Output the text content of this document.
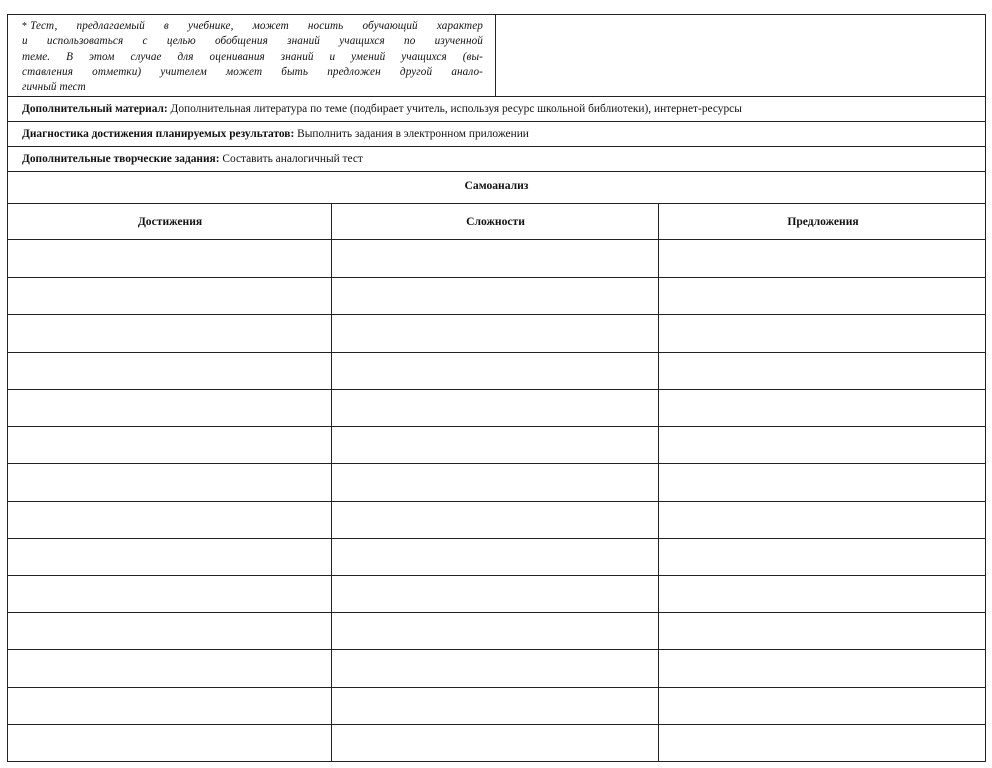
* Тест, предлагаемый в учебнике, может носить обучающий характер
и использоваться с целью обобщения знаний учащихся по изученной
теме. В этом случае для оценивания знаний и умений учащихся (вы-
ставления отметки) учителем может быть предложен другой анало-
гичный тест
Дополнительный материал: Дополнительная литература по теме (подбирает учитель, используя ресурс школьной библиотеки), интернет-ресурсы
Диагностика достижения планируемых результатов: Выполнить задания в электронном приложении
Дополнительные творческие задания: Составить аналогичный тест
Самоанализ
Достижения	Сложности	Предложения
